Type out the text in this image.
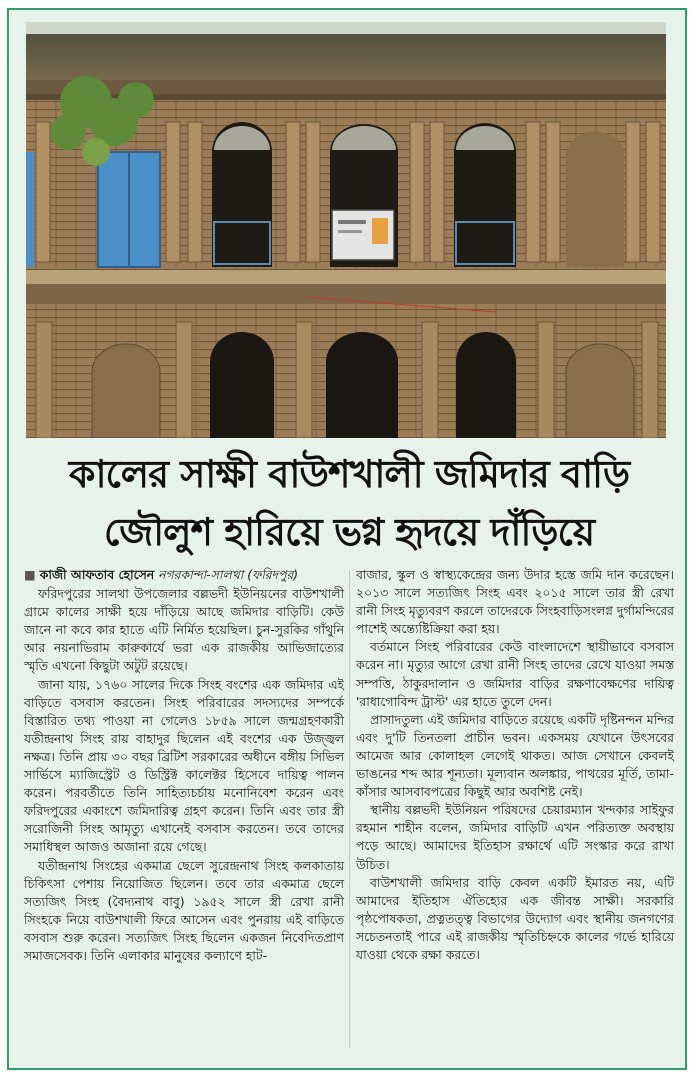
কালের সাক্ষী বাউশখালী জমিদার বাড়ি
জৌলুশ হারিয়ে ভগ্ন হৃদয়ে দাঁড়িয়ে

■ কাজী আফতাব হোসেন নগরকান্দা-সালথা (ফরিদপুর)

ফরিদপুরের সালথা উপজেলার বল্লভদী ইউনিয়নের বাউশখালী গ্রামে কালের সাক্ষী হয়ে দাঁড়িয়ে আছে জমিদার বাড়িটি। কেউ জানে না কবে কার হাতে এটি নির্মিত হয়েছিল। চুন-সুরকির গাঁথুনি আর নয়নাভিরাম কারুকার্যে ভরা এক রাজকীয় আভিজাত্যের স্মৃতি এখনো কিছুটা অটুট রয়েছে।

জানা যায়, ১৭৬০ সালের দিকে সিংহ বংশের এক জমিদার এই বাড়িতে বসবাস করতেন। সিংহ পরিবারের সদস্যদের সম্পর্কে বিস্তারিত তথ্য পাওয়া না গেলেও ১৮৫৯ সালে জন্মগ্রহণকারী যতীন্দ্রনাথ সিংহ রায় বাহাদুর ছিলেন এই বংশের এক উজ্জ্বল নক্ষত্র। তিনি প্রায় ৩০ বছর ব্রিটিশ সরকারের অধীনে বঙ্গীয় সিভিল সার্ভিসে ম্যাজিস্ট্রেট ও ডিস্ট্রিক্ট কালেক্টর হিসেবে দায়িত্ব পালন করেন। পরবর্তীতে তিনি সাহিত্যচর্চায় মনোনিবেশ করেন এবং ফরিদপুরের একাংশে জমিদারিত্ব গ্রহণ করেন। তিনি এবং তার স্ত্রী সরোজিনী সিংহ আমৃত্যু এখানেই বসবাস করতেন। তবে তাদের সমাধিস্থল আজও অজানা রয়ে গেছে।

যতীন্দ্রনাথ সিংহের একমাত্র ছেলে সুরেন্দ্রনাথ সিংহ কলকাতায় চিকিৎসা পেশায় নিয়োজিত ছিলেন। তবে তার একমাত্র ছেলে সত্যজিৎ সিংহ (বৈদ্যনাথ বাবু) ১৯৫২ সালে স্ত্রী রেখা রানী সিংহকে নিয়ে বাউশখালী ফিরে আসেন এবং পুনরায় এই বাড়িতে বসবাস শুরু করেন। সত্যজিৎ সিংহ ছিলেন একজন নিবেদিতপ্রাণ সমাজসেবক। তিনি এলাকার মানুষের কল্যাণে হাট-

বাজার, স্কুল ও স্বাস্থ্যকেন্দ্রের জন্য উদার হস্তে জমি দান করেছেন। ২০১৩ সালে সত্যজিৎ সিংহ এবং ২০১৫ সালে তার স্ত্রী রেখা রানী সিংহ মৃত্যুবরণ করলে তাদেরকে সিংহবাড়িসংলগ্ন দুর্গামন্দিরের পাশেই অন্ত্যেষ্টিক্রিয়া করা হয়।

বর্তমানে সিংহ পরিবারের কেউ বাংলাদেশে স্থায়ীভাবে বসবাস করেন না। মৃত্যুর আগে রেখা রানী সিংহ তাদের রেখে যাওয়া সমস্ত সম্পত্তি, ঠাকুরদালান ও জমিদার বাড়ির রক্ষণাবেক্ষণের দায়িত্ব 'রাধাগোবিন্দ ট্রাস্ট' এর হাতে তুলে দেন।

প্রাসাদতুল্য এই জমিদার বাড়িতে রয়েছে একটি দৃষ্টিনন্দন মন্দির এবং দু'টি তিনতলা প্রাচীন ভবন। একসময় যেখানে উৎসবের আমেজ আর কোলাহল লেগেই থাকত। আজ সেখানে কেবলই ভাঙনের শব্দ আর শূন্যতা। মূল্যবান অলঙ্কার, পাথরের মূর্তি, তামা-কাঁসার আসবাবপত্রের কিছুই আর অবশিষ্ট নেই।

স্থানীয় বল্লভদী ইউনিয়ন পরিষদের চেয়ারম্যান খন্দকার সাইফুর রহমান শাহীন বলেন, জমিদার বাড়িটি এখন পরিত্যক্ত অবস্থায় পড়ে আছে। আমাদের ইতিহাস রক্ষার্থে এটি সংস্কার করে রাখা উচিত।

বাউশখালী জমিদার বাড়ি কেবল একটি ইমারত নয়, এটি আমাদের ইতিহাস ঐতিহ্যের এক জীবন্ত সাক্ষী। সরকারি পৃষ্ঠপোষকতা, প্রত্নতত্ত্ব বিভাগের উদ্যোগ এবং স্থানীয় জনগণের সচেতনতাই পারে এই রাজকীয় স্মৃতিচিহ্নকে কালের গর্ভে হারিয়ে যাওয়া থেকে রক্ষা করতে।
